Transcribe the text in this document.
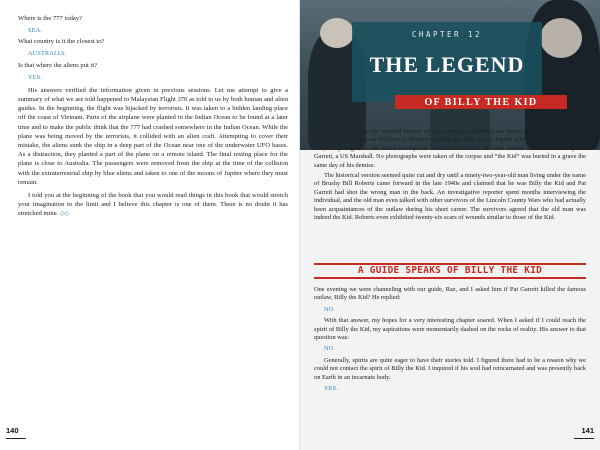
Where is the 777 today?

SEA.

What country is it the closest to?

AUSTRALIA.

Is that where the aliens put it?

YES.

His answers verified the information given in previous sessions. Let me attempt to give a summary of what we are told happened to Malaysian Flight 370 as told to us by both human and alien guides. In the beginning, the flight was hijacked by terrorists. It was taken to a hidden landing place off the coast of Vietnam. Parts of the airplane were planted in the Indian Ocean to be found at a later time and to make the public think that the 777 had crashed somewhere in the Indian Ocean. While the plane was being moved by the terrorists, it collided with an alien craft. Attempting to cover their mistake, the aliens sunk the ship in a deep part of the Ocean near one of the underwater UFO bases. As a distraction, they planted a part of the plane on a remote island. The final resting place for the plane is close to Australia. The passengers were removed from the ship at the time of the collision with the extraterrestrial ship by blue aliens and taken to one of the moons of Jupiter where they must remain.

I told you at the beginning of the book that you would read things in this book that would stretch your imagination to the limit and I believe this chapter is one of them. There is no doubt it has stretched mine. ◇◇

140
CHAPTER 12
THE LEGEND
OF BILLY THE KID

Anyone interested in the colorful history of the American Old West has heard the name of the famous young outlaw known as William H. Bonney or Billy the Kid. As the legend goes, by the age of twenty-one, the young man had killed twenty-one men in cold blood. He was hunted down and shot by Pat Garrett, a US Marshall. No photographs were taken of the corpse and “the Kid” was buried in a grave the same day of his demise.

The historical version seemed quite cut and dry until a ninety-two-year-old man living under the name of Brushy Bill Roberts came forward in the late 1940s and claimed that he was Billy the Kid and Pat Garrett had shot the wrong man in the back. An investigative reporter spent months interviewing the individual, and the old man even talked with other survivors of the Lincoln County Wars who had actually been acquaintances of the outlaw during his short career. The survivors agreed that the old man was indeed the Kid. Roberts even exhibited twenty-six scars of wounds similar to those of the Kid.

A GUIDE SPEAKS OF BILLY THE KID

One evening we were channeling with our guide, Raz, and I asked him if Pat Garrett killed the famous outlaw, Billy the Kid? He replied:

NO.

With that answer, my hopes for a very interesting chapter soared. When I asked if I could reach the spirit of Billy the Kid, my aspirations were momentarily dashed on the rocks of reality. His answer to that question was:

NO.

Generally, spirits are quite eager to have their stories told. I figured there had to be a reason why we could not contact the spirit of Billy the Kid. I inquired if his soul had reincarnated and was presently back on Earth in an incarnate body.

YES.

141
